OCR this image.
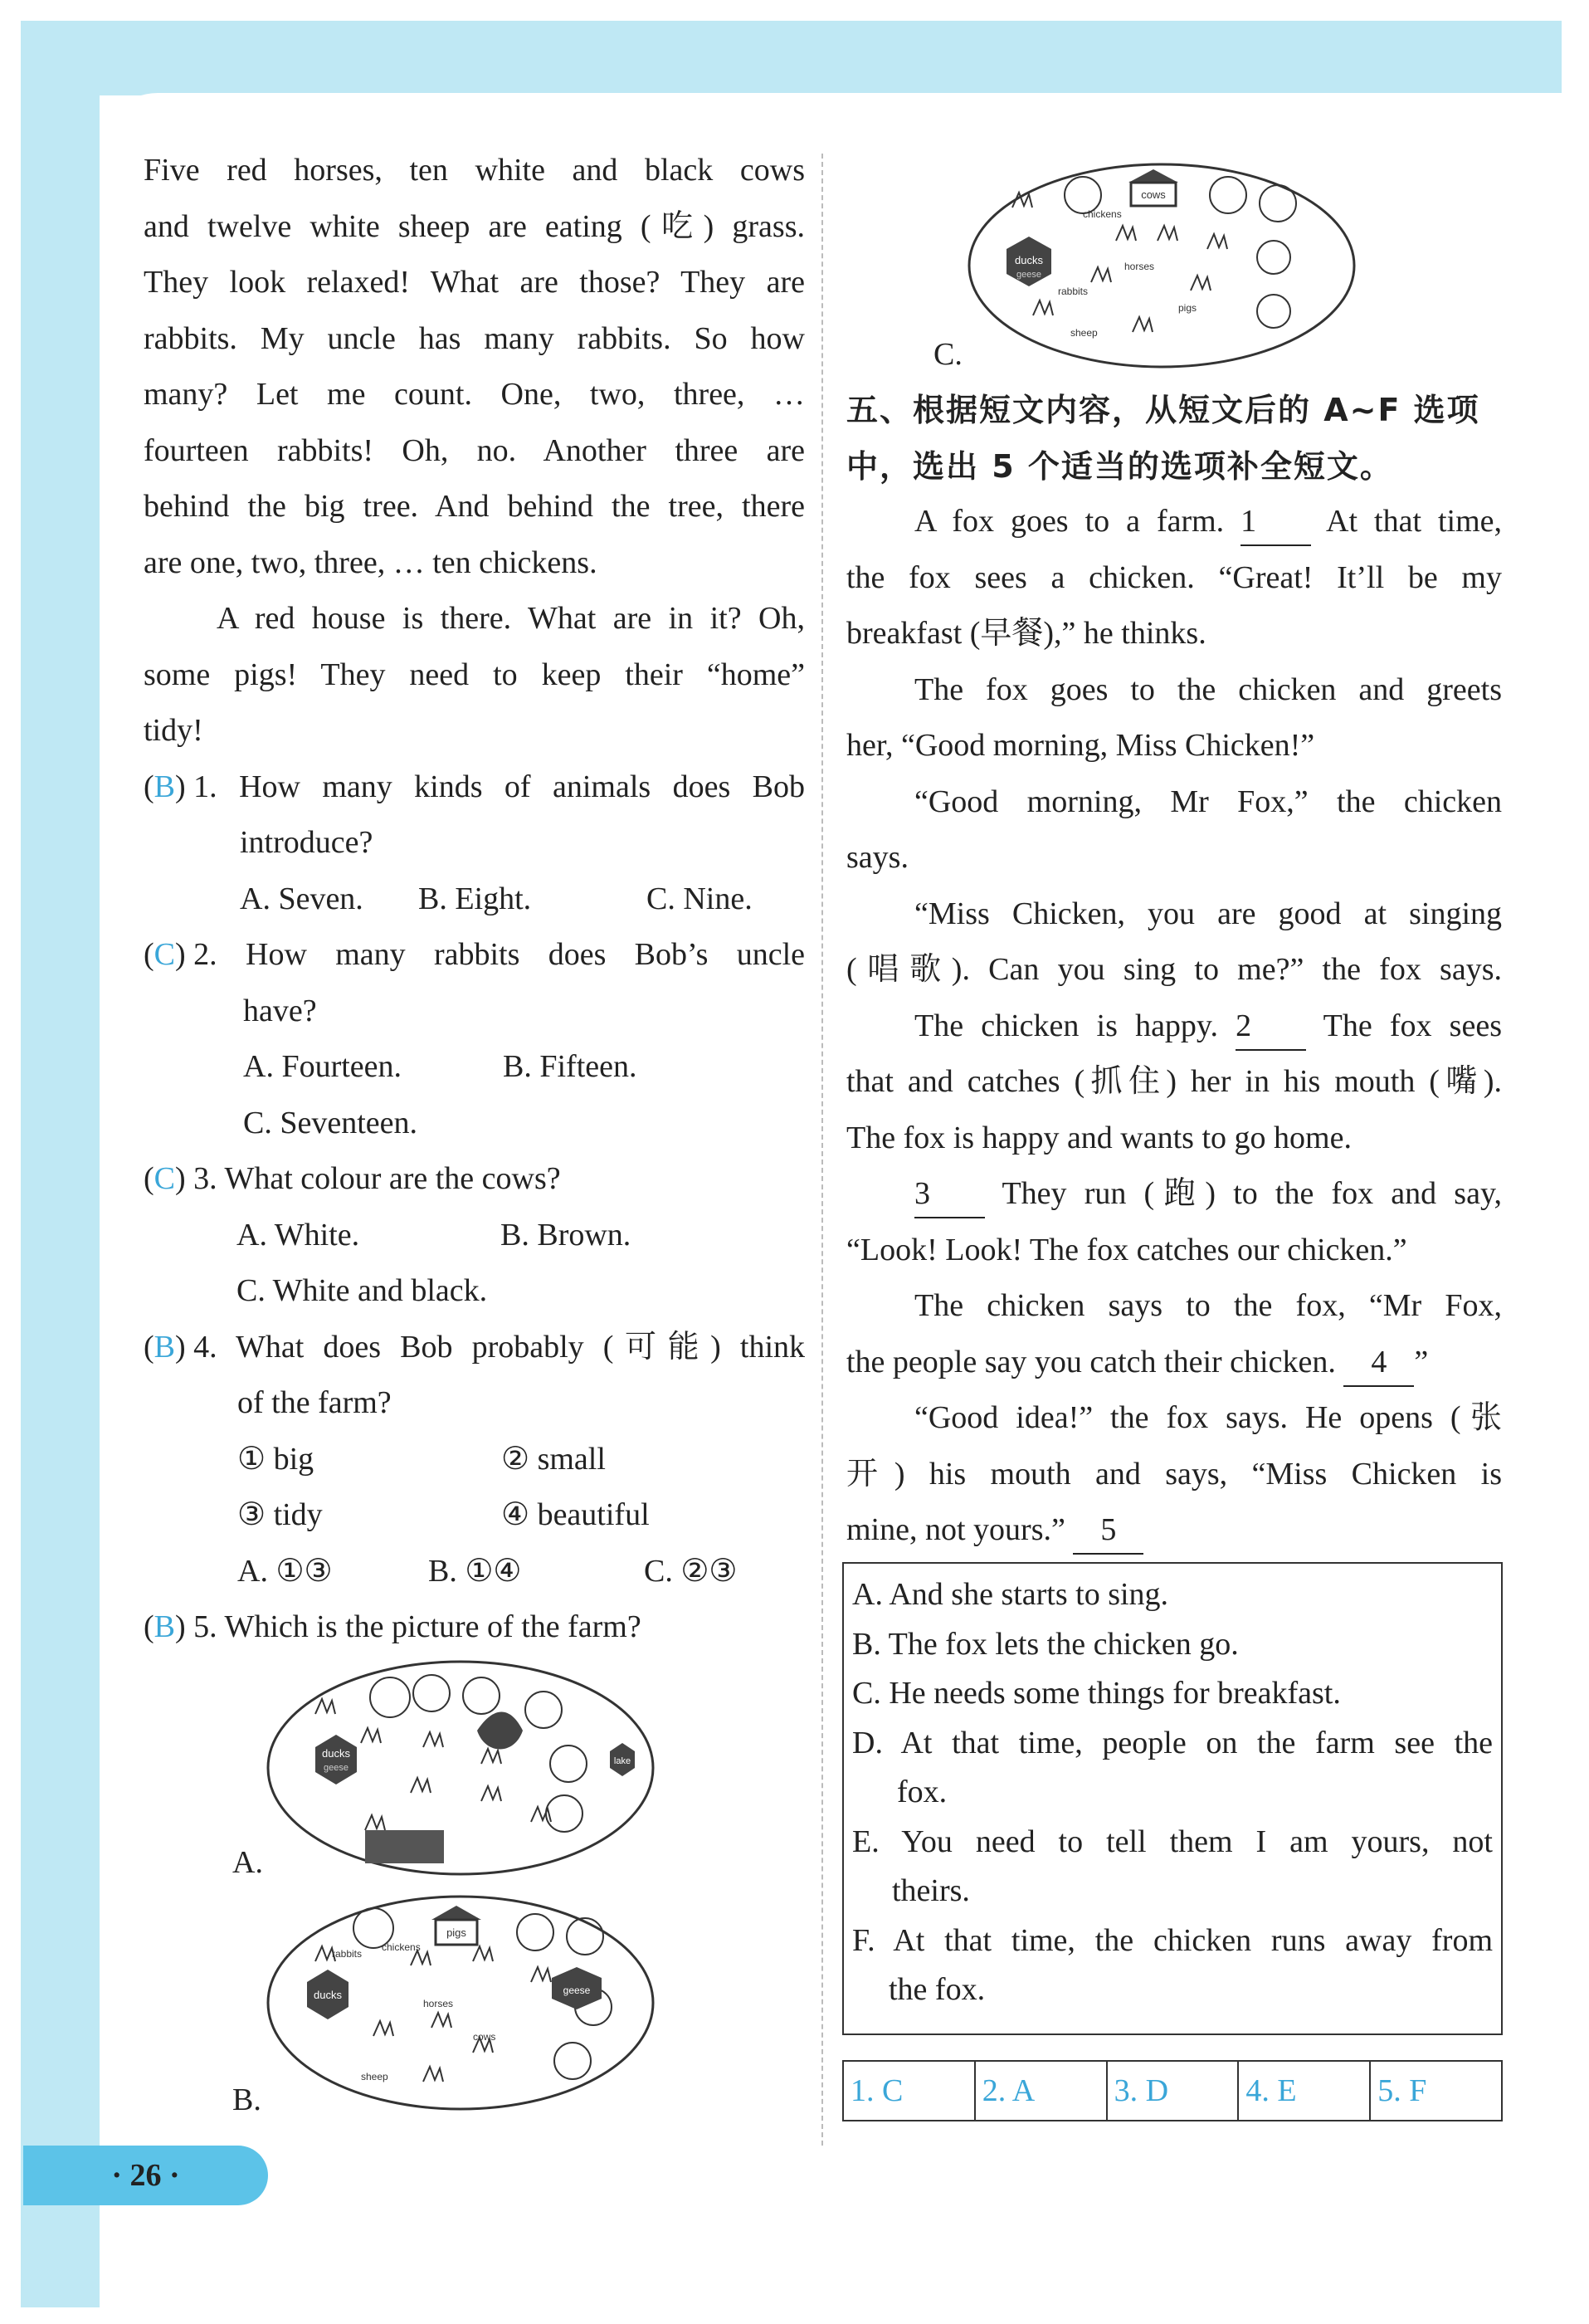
Five red horses, ten white and black cows
and twelve white sheep are eating (吃) grass.
They look relaxed! What are those? They are
rabbits. My uncle has many rabbits. So how
many? Let me count. One, two, three, …
fourteen rabbits! Oh, no. Another three are
behind the big tree. And behind the tree, there
are one, two, three, … ten chickens.
A red house is there. What are in it? Oh,
some pigs! They need to keep their “home”
tidy!
( B ) 1. How many kinds of animals does Bob
introduce?
A. Seven.	B. Eight.	C. Nine.
( C ) 2. How many rabbits does Bob’s uncle
have?
A. Fourteen.	B. Fifteen.
C. Seventeen.
( C ) 3. What colour are the cows?
A. White.	B. Brown.
C. White and black.
( B ) 4. What does Bob probably (可能) think
of the farm?
① big	② small
③ tidy	④ beautiful
A. ①③	B. ①④	C. ②③
( B ) 5. Which is the picture of the farm?
ducks
geese
lake
A.
pigs
rabbits
chickens
ducks
horses
geese
cows
sheep
B.
cows
chickens
ducks
geese
horses
rabbits
pigs
sheep
C.
五、根据短文内容，从短文后的 A~F 选项
中，选出 5 个适当的选项补全短文。
A fox goes to a farm. 1 At that time,
the fox sees a chicken. “Great! It’ll be my
breakfast (早餐),” he thinks.
The fox goes to the chicken and greets
her, “Good morning, Miss Chicken!”
“Good morning, Mr Fox,” the chicken
says.
“Miss Chicken, you are good at singing
(唱歌). Can you sing to me?” the fox says.
The chicken is happy. 2 The fox sees
that and catches (抓住) her in his mouth (嘴).
The fox is happy and wants to go home.
3 They run (跑) to the fox and say,
“Look! Look! The fox catches our chicken.”
The chicken says to the fox, “Mr Fox,
the people say you catch their chicken. 4 ”
“Good idea!” the fox says. He opens (张
开) his mouth and says, “Miss Chicken is
mine, not yours.” 5
A. And she starts to sing.
B. The fox lets the chicken go.
C. He needs some things for breakfast.
D. At that time, people on the farm see the
fox.
E. You need to tell them I am yours, not
theirs.
F. At that time, the chicken runs away from
the fox.
1. C	2. A	3. D	4. E	5. F
· 26 ·
